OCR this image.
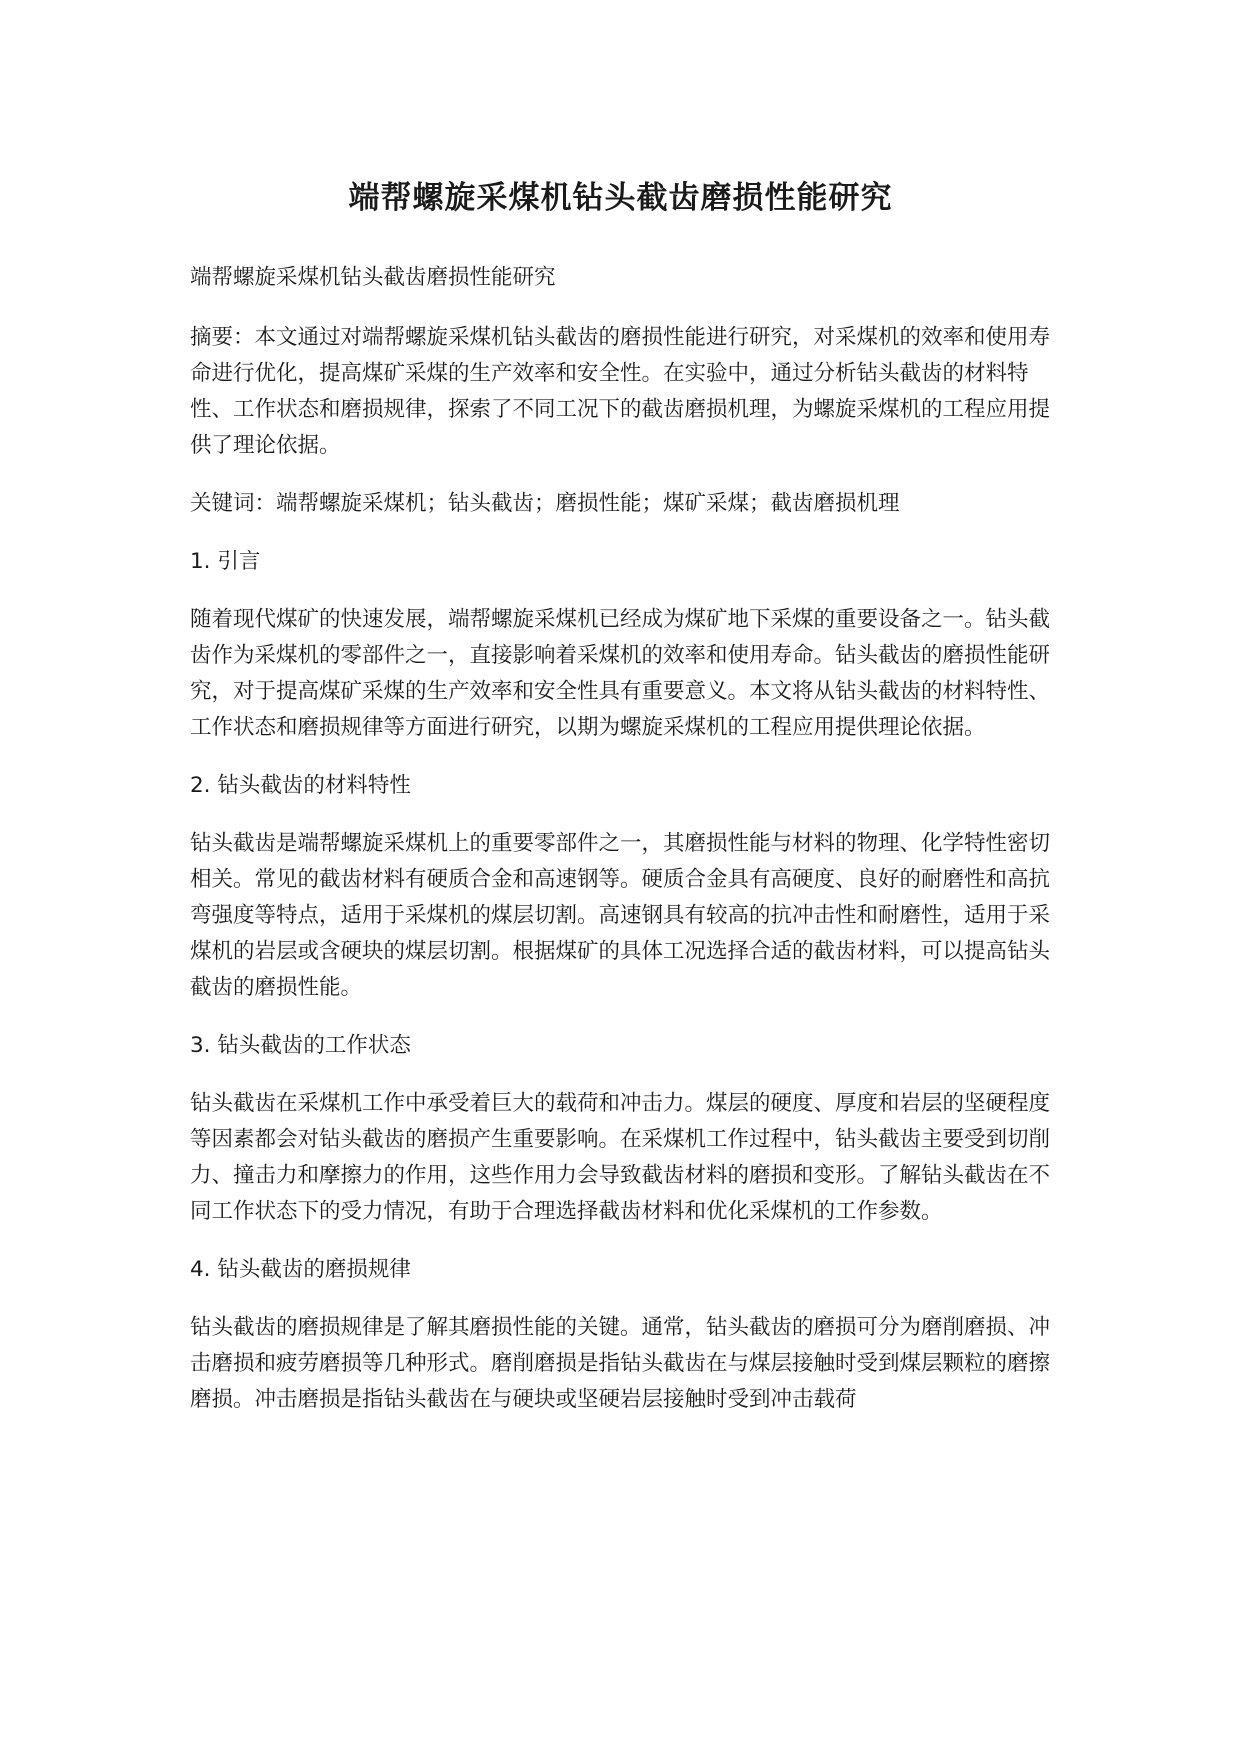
端帮螺旋采煤机钻头截齿磨损性能研究

端帮螺旋采煤机钻头截齿磨损性能研究

摘要：本文通过对端帮螺旋采煤机钻头截齿的磨损性能进行研究，对采煤机的效率和使用寿命进行优化，提高煤矿采煤的生产效率和安全性。在实验中，通过分析钻头截齿的材料特性、工作状态和磨损规律，探索了不同工况下的截齿磨损机理，为螺旋采煤机的工程应用提供了理论依据。

关键词：端帮螺旋采煤机；钻头截齿；磨损性能；煤矿采煤；截齿磨损机理

1. 引言

随着现代煤矿的快速发展，端帮螺旋采煤机已经成为煤矿地下采煤的重要设备之一。钻头截齿作为采煤机的零部件之一，直接影响着采煤机的效率和使用寿命。钻头截齿的磨损性能研究，对于提高煤矿采煤的生产效率和安全性具有重要意义。本文将从钻头截齿的材料特性、工作状态和磨损规律等方面进行研究，以期为螺旋采煤机的工程应用提供理论依据。

2. 钻头截齿的材料特性

钻头截齿是端帮螺旋采煤机上的重要零部件之一，其磨损性能与材料的物理、化学特性密切相关。常见的截齿材料有硬质合金和高速钢等。硬质合金具有高硬度、良好的耐磨性和高抗弯强度等特点，适用于采煤机的煤层切割。高速钢具有较高的抗冲击性和耐磨性，适用于采煤机的岩层或含硬块的煤层切割。根据煤矿的具体工况选择合适的截齿材料，可以提高钻头截齿的磨损性能。

3. 钻头截齿的工作状态

钻头截齿在采煤机工作中承受着巨大的载荷和冲击力。煤层的硬度、厚度和岩层的坚硬程度等因素都会对钻头截齿的磨损产生重要影响。在采煤机工作过程中，钻头截齿主要受到切削力、撞击力和摩擦力的作用，这些作用力会导致截齿材料的磨损和变形。了解钻头截齿在不同工作状态下的受力情况，有助于合理选择截齿材料和优化采煤机的工作参数。

4. 钻头截齿的磨损规律

钻头截齿的磨损规律是了解其磨损性能的关键。通常，钻头截齿的磨损可分为磨削磨损、冲击磨损和疲劳磨损等几种形式。磨削磨损是指钻头截齿在与煤层接触时受到煤层颗粒的磨擦磨损。冲击磨损是指钻头截齿在与硬块或坚硬岩层接触时受到冲击载荷
